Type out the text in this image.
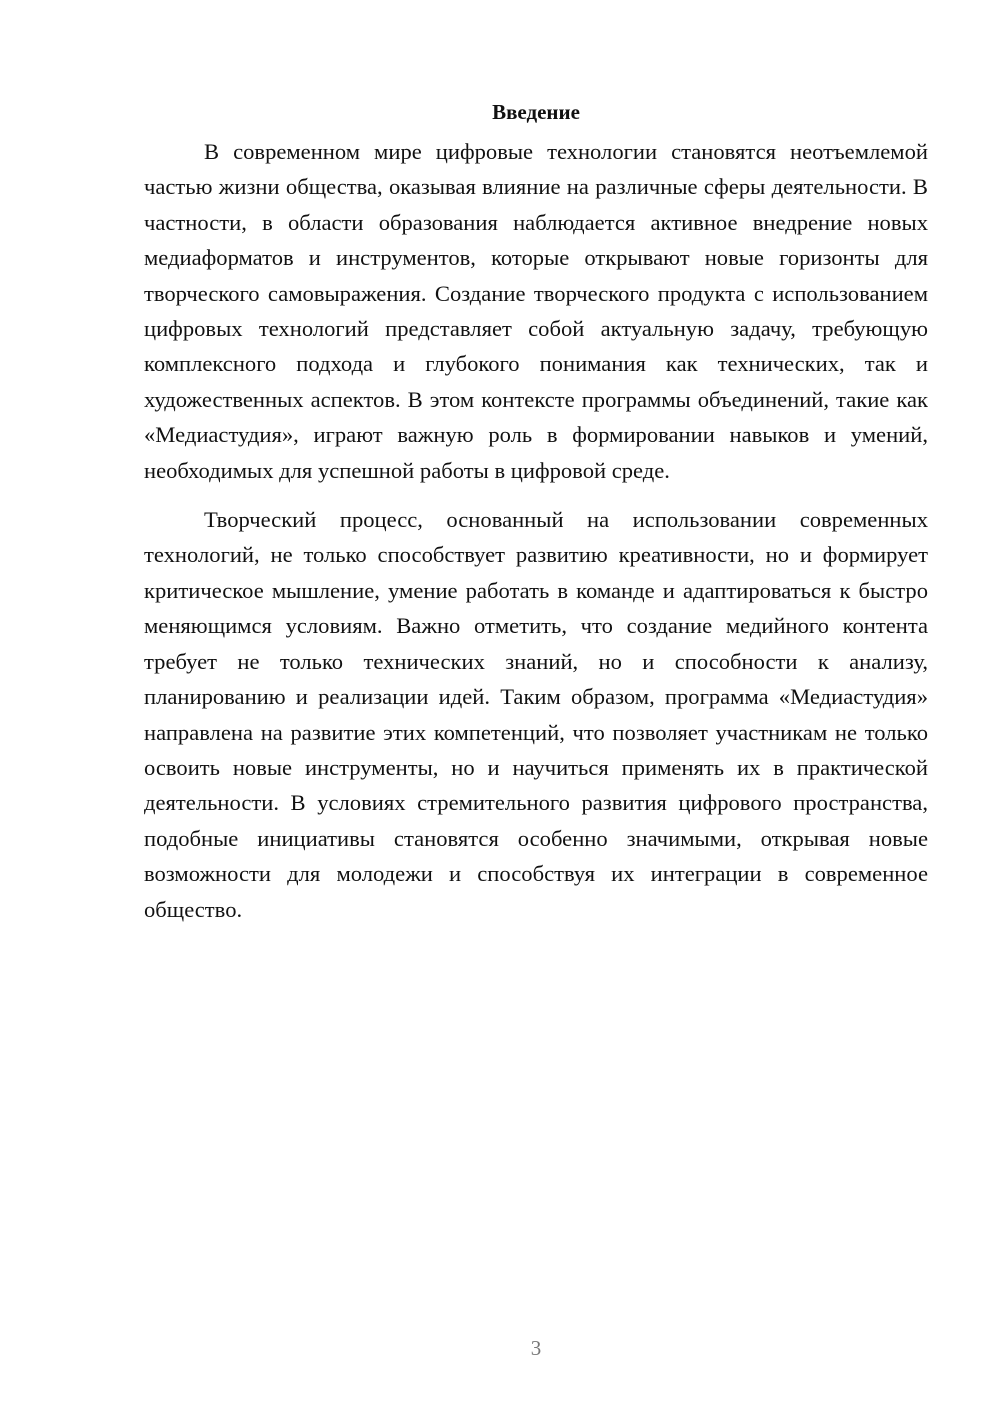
Введение

В современном мире цифровые технологии становятся неотъемлемой частью жизни общества, оказывая влияние на различные сферы деятельности. В частности, в области образования наблюдается активное внедрение новых медиаформатов и инструментов, которые открывают новые горизонты для творческого самовыражения. Создание творческого продукта с использованием цифровых технологий представляет собой актуальную задачу, требующую комплексного подхода и глубокого понимания как технических, так и художественных аспектов. В этом контексте программы объединений, такие как «Медиастудия», играют важную роль в формировании навыков и умений, необходимых для успешной работы в цифровой среде.

Творческий процесс, основанный на использовании современных технологий, не только способствует развитию креативности, но и формирует критическое мышление, умение работать в команде и адаптироваться к быстро меняющимся условиям. Важно отметить, что создание медийного контента требует не только технических знаний, но и способности к анализу, планированию и реализации идей. Таким образом, программа «Медиастудия» направлена на развитие этих компетенций, что позволяет участникам не только освоить новые инструменты, но и научиться применять их в практической деятельности. В условиях стремительного развития цифрового пространства, подобные инициативы становятся особенно значимыми, открывая новые возможности для молодежи и способствуя их интеграции в современное общество.

3
